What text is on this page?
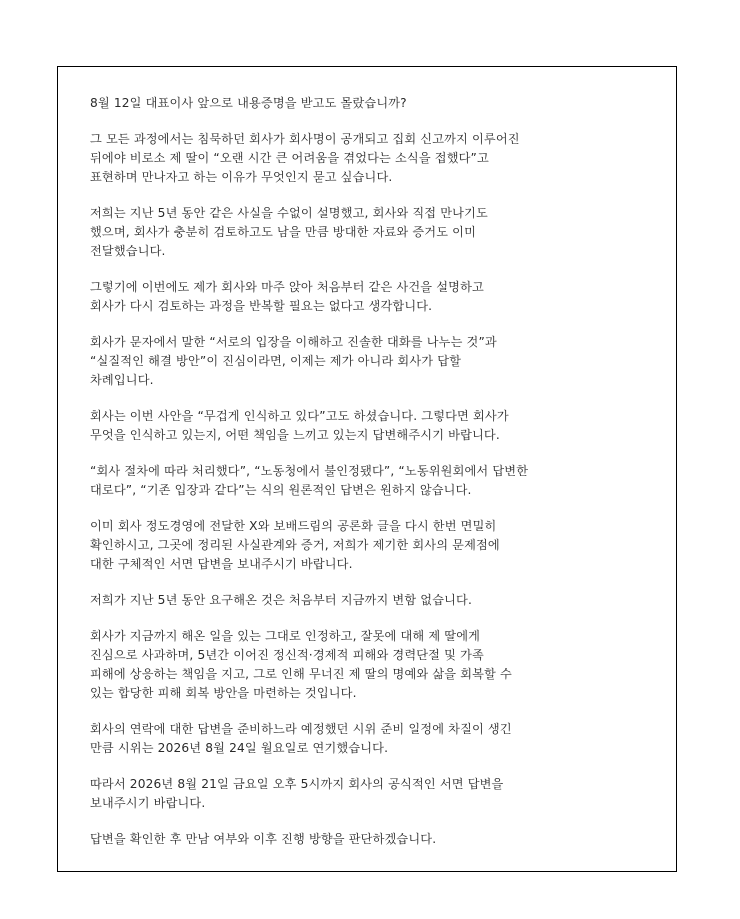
8월 12일 대표이사 앞으로 내용증명을 받고도 몰랐습니까?

그 모든 과정에서는 침묵하던 회사가 회사명이 공개되고 집회 신고까지 이루어진
뒤에야 비로소 제 딸이 “오랜 시간 큰 어려움을 겪었다는 소식을 접했다”고
표현하며 만나자고 하는 이유가 무엇인지 묻고 싶습니다.

저희는 지난 5년 동안 같은 사실을 수없이 설명했고, 회사와 직접 만나기도
했으며, 회사가 충분히 검토하고도 남을 만큼 방대한 자료와 증거도 이미
전달했습니다.

그렇기에 이번에도 제가 회사와 마주 앉아 처음부터 같은 사건을 설명하고
회사가 다시 검토하는 과정을 반복할 필요는 없다고 생각합니다.

회사가 문자에서 말한 “서로의 입장을 이해하고 진솔한 대화를 나누는 것”과
“실질적인 해결 방안”이 진심이라면, 이제는 제가 아니라 회사가 답할
차례입니다.

회사는 이번 사안을 “무겁게 인식하고 있다”고도 하셨습니다. 그렇다면 회사가
무엇을 인식하고 있는지, 어떤 책임을 느끼고 있는지 답변해주시기 바랍니다.

“회사 절차에 따라 처리했다”, “노동청에서 불인정됐다”, “노동위원회에서 답변한
대로다”, “기존 입장과 같다”는 식의 원론적인 답변은 원하지 않습니다.

이미 회사 정도경영에 전달한 X와 보배드림의 공론화 글을 다시 한번 면밀히
확인하시고, 그곳에 정리된 사실관계와 증거, 저희가 제기한 회사의 문제점에
대한 구체적인 서면 답변을 보내주시기 바랍니다.

저희가 지난 5년 동안 요구해온 것은 처음부터 지금까지 변함 없습니다.

회사가 지금까지 해온 일을 있는 그대로 인정하고, 잘못에 대해 제 딸에게
진심으로 사과하며, 5년간 이어진 정신적·경제적 피해와 경력단절 및 가족
피해에 상응하는 책임을 지고, 그로 인해 무너진 제 딸의 명예와 삶을 회복할 수
있는 합당한 피해 회복 방안을 마련하는 것입니다.

회사의 연락에 대한 답변을 준비하느라 예정했던 시위 준비 일정에 차질이 생긴
만큼 시위는 2026년 8월 24일 월요일로 연기했습니다.

따라서 2026년 8월 21일 금요일 오후 5시까지 회사의 공식적인 서면 답변을
보내주시기 바랍니다.

답변을 확인한 후 만남 여부와 이후 진행 방향을 판단하겠습니다.
